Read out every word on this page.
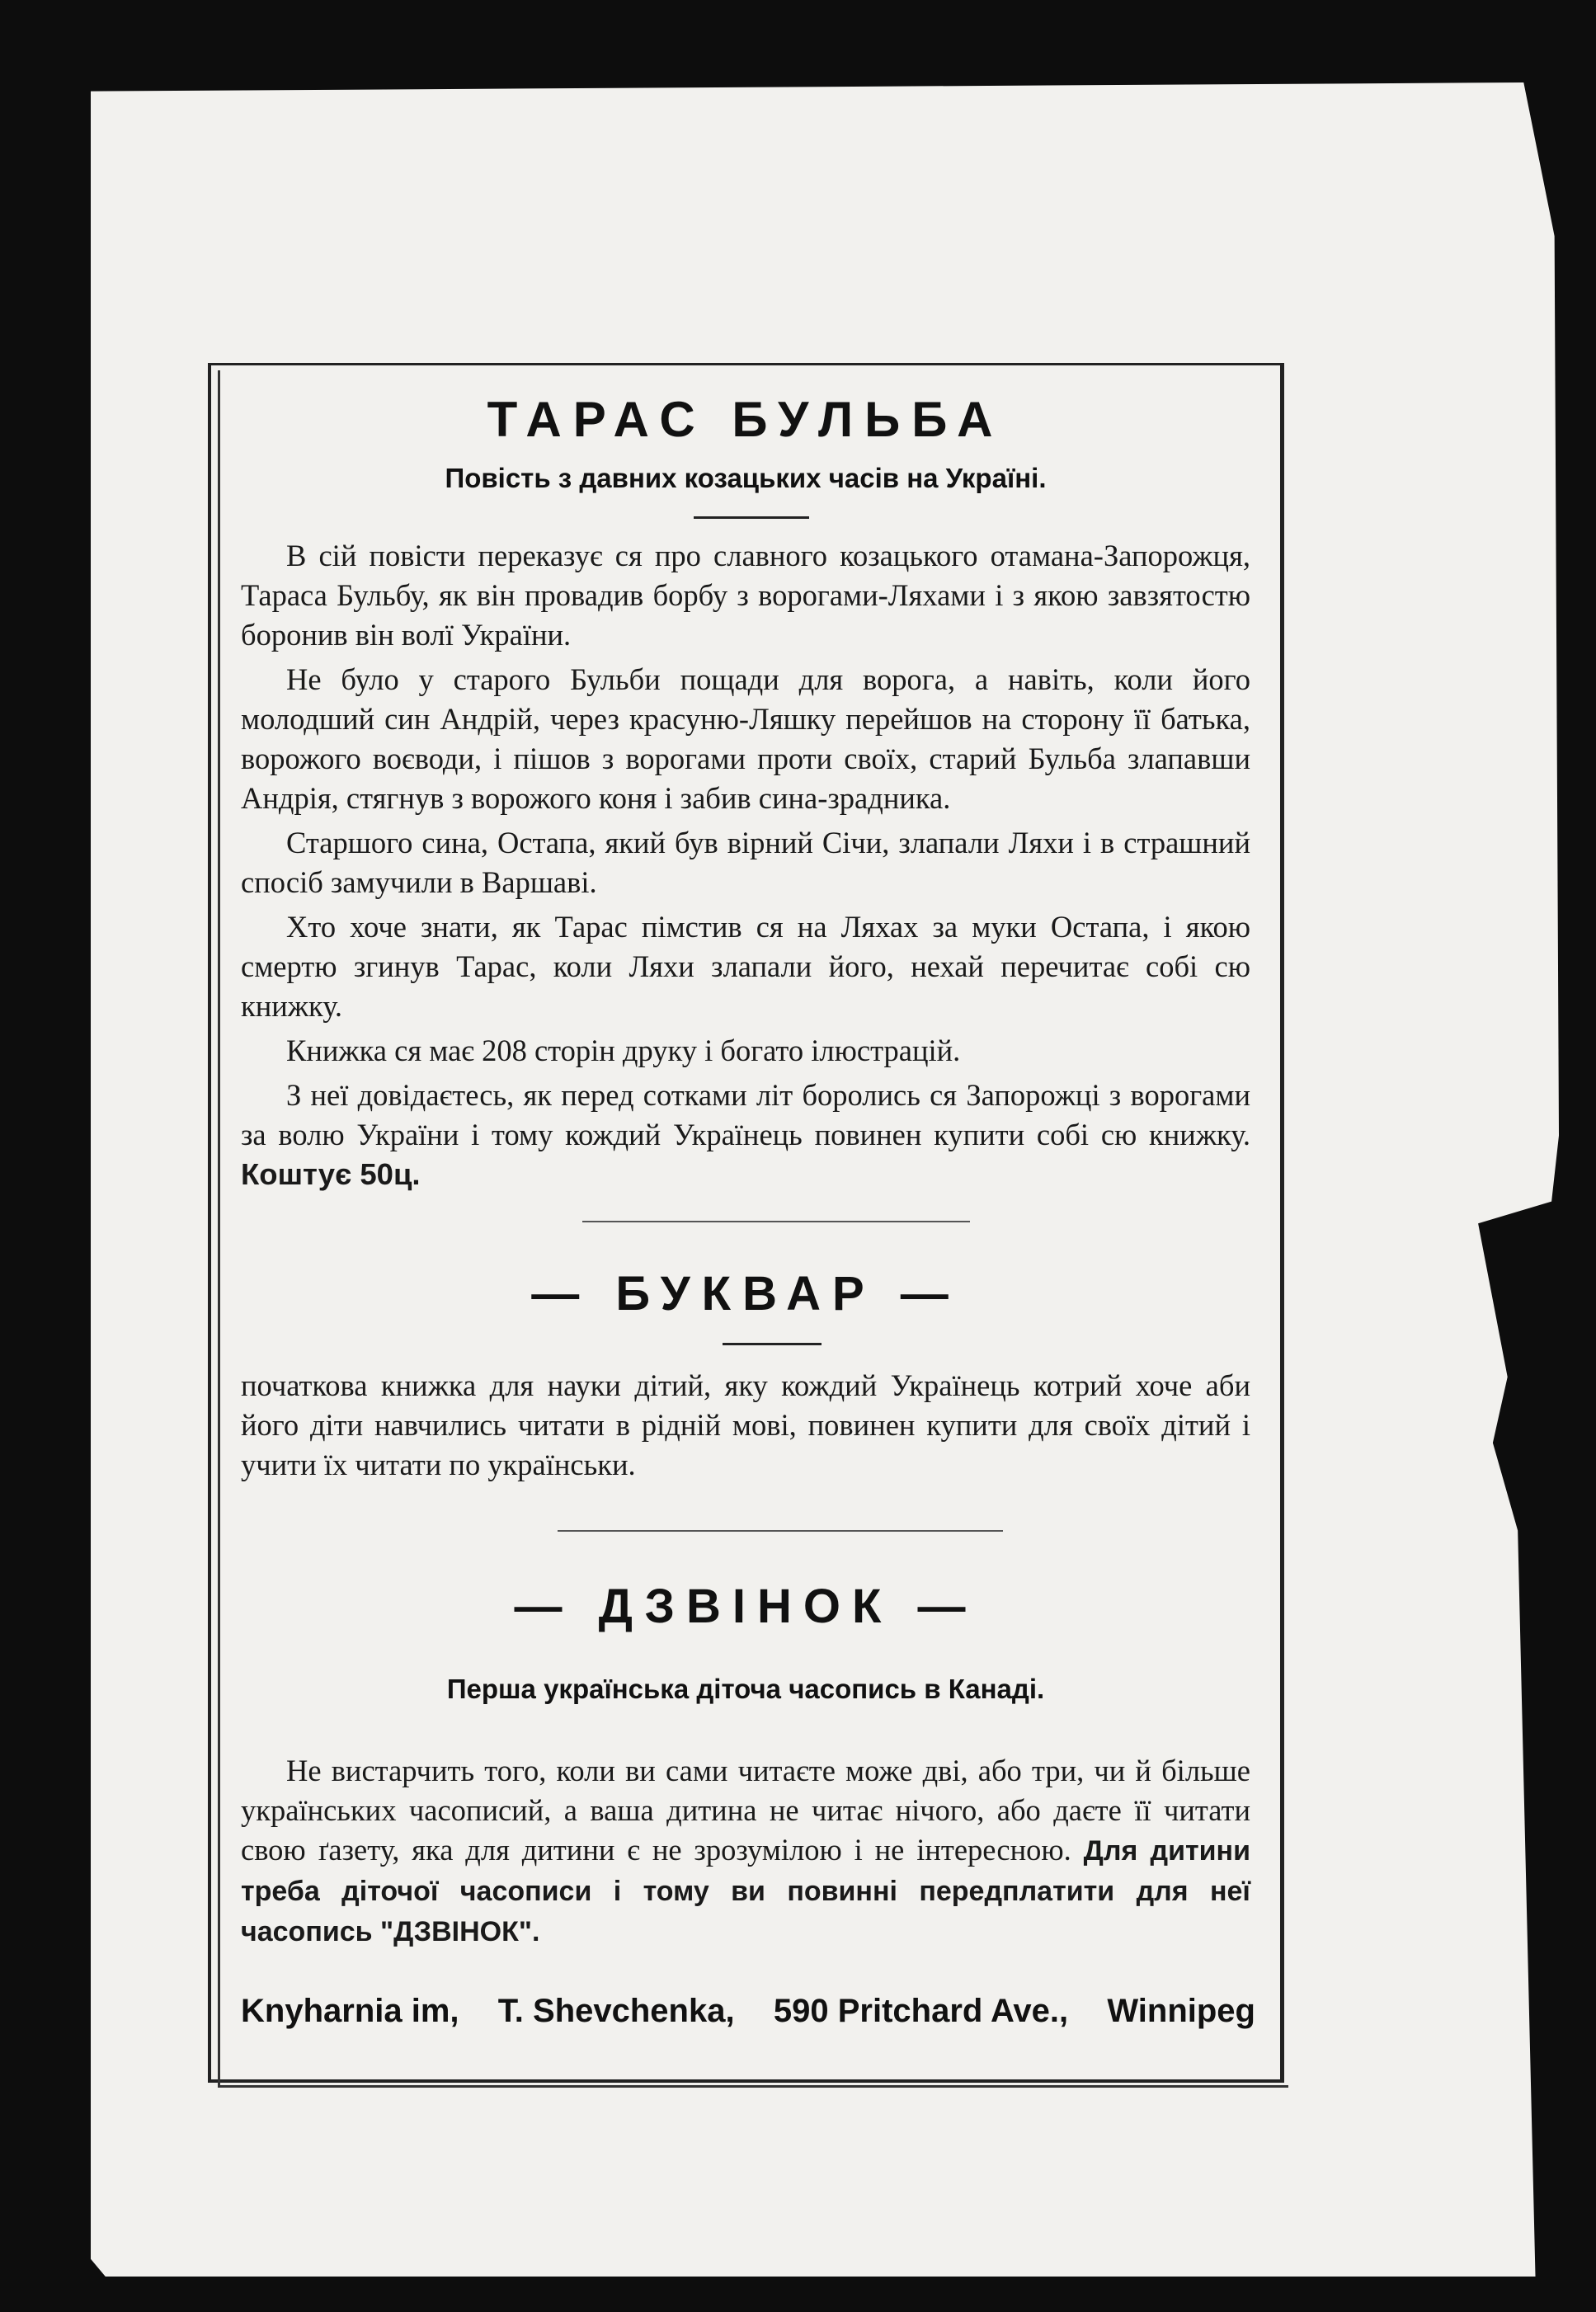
ТАРАС БУЛЬБА
Повість з давних козацьких часів на Україні.

В сій повісти переказує ся про славного козацького отамана-Запорожця, Тараса Бульбу, як він провадив борбу з ворогами-Ляхами і з якою завзятостю боронив він волї України.

Не було у старого Бульби пощади для ворога, а навіть, коли його молодший син Андрій, через красуню-Ляшку перейшов на сторону її батька, ворожого воєводи, і пішов з ворогами проти своїх, старий Бульба злапавши Андрія, стягнув з ворожого коня і забив сина-зрадника.

Старшого сина, Остапа, який був вірний Січи, злапали Ляхи і в страшний спосіб замучили в Варшаві.

Хто хоче знати, як Тарас пімстив ся на Ляхах за муки Остапа, і якою смертю згинув Тарас, коли Ляхи злапали його, нехай перечитає собі сю книжку.

Книжка ся має 208 сторін друку і богато ілюстрацій.

З неї довідаєтесь, як перед сотками літ боролись ся Запорожці з ворогами за волю України і тому кождий Українець повинен купити собі сю книжку. Коштує 50ц.

— БУКВАР —

початкова книжка для науки дітий, яку кождий Українець котрий хоче аби його діти навчились читати в рідній мові, повинен купити для своїх дітий і учити їх читати по українськи.

— ДЗВІНОК —
Перша українська діточа часопись в Канаді.

Не вистарчить того, коли ви сами читаєте може дві, або три, чи й більше українських часописий, а ваша дитина не читає нічого, або даєте її читати свою ґазету, яка для дитини є не зрозумілою і не інтересною. Для дитини треба діточої часописи і тому ви повинні передплатити для неї часопись "ДЗВІНОК".

Knyharnia im, T. Shevchenka, 590 Pritchard Ave., Winnipeg
